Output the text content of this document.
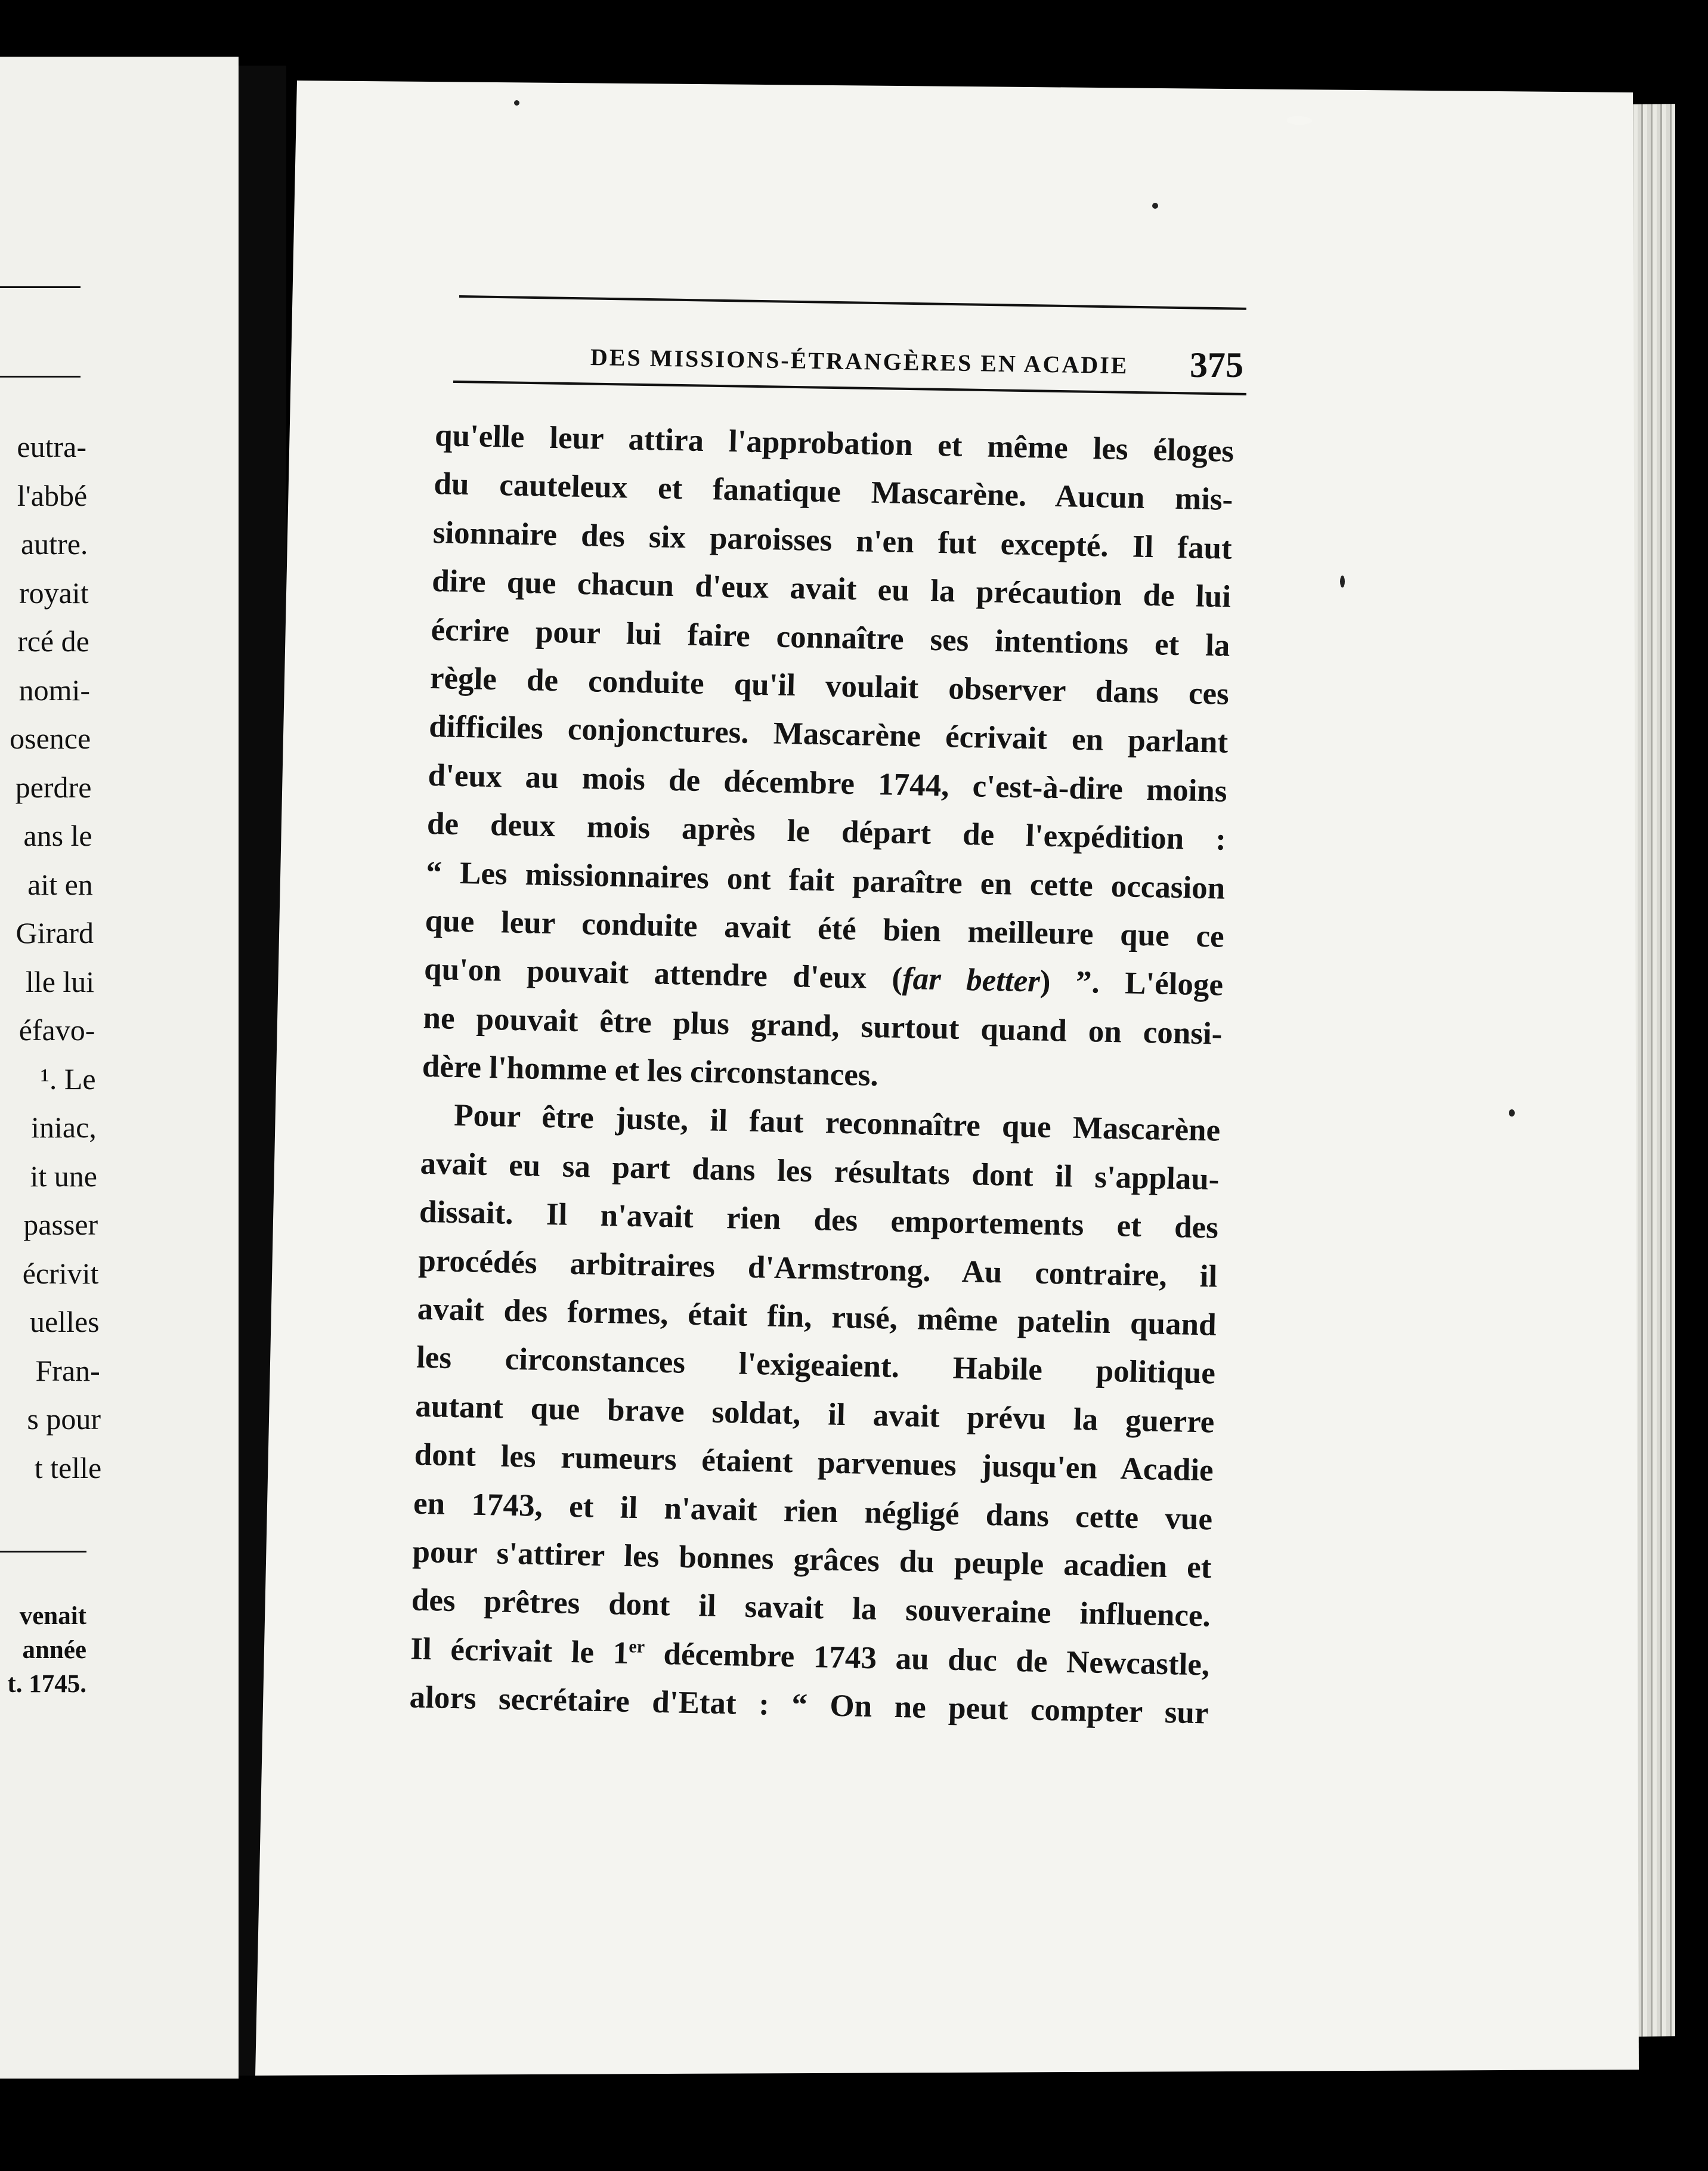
eutra-
l'abbé
autre.
royait
rcé de
nomi-
osence
perdre
ans le
ait en
Girard
lle lui
éfavo-
¹. Le
iniac,
it une
passer
écrivit
uelles
Fran-
s pour
t telle
venait
année
t. 1745.
DES MISSIONS-ÉTRANGÈRES EN ACADIE	375
qu'elle leur attira l'approbation et même les éloges
du cauteleux et fanatique Mascarène. Aucun mis-
sionnaire des six paroisses n'en fut excepté. Il faut
dire que chacun d'eux avait eu la précaution de lui
écrire pour lui faire connaître ses intentions et la
règle de conduite qu'il voulait observer dans ces
difficiles conjonctures. Mascarène écrivait en parlant
d'eux au mois de décembre 1744, c'est-à-dire moins
de deux mois après le départ de l'expédition :
“ Les missionnaires ont fait paraître en cette occasion
que leur conduite avait été bien meilleure que ce
qu'on pouvait attendre d'eux (far better) ”. L'éloge
ne pouvait être plus grand, surtout quand on consi-
dère l'homme et les circonstances.
Pour être juste, il faut reconnaître que Mascarène
avait eu sa part dans les résultats dont il s'applau-
dissait. Il n'avait rien des emportements et des
procédés arbitraires d'Armstrong. Au contraire, il
avait des formes, était fin, rusé, même patelin quand
les circonstances l'exigeaient. Habile politique
autant que brave soldat, il avait prévu la guerre
dont les rumeurs étaient parvenues jusqu'en Acadie
en 1743, et il n'avait rien négligé dans cette vue
pour s'attirer les bonnes grâces du peuple acadien et
des prêtres dont il savait la souveraine influence.
Il écrivait le 1er décembre 1743 au duc de Newcastle,
alors secrétaire d'Etat : “ On ne peut compter sur
